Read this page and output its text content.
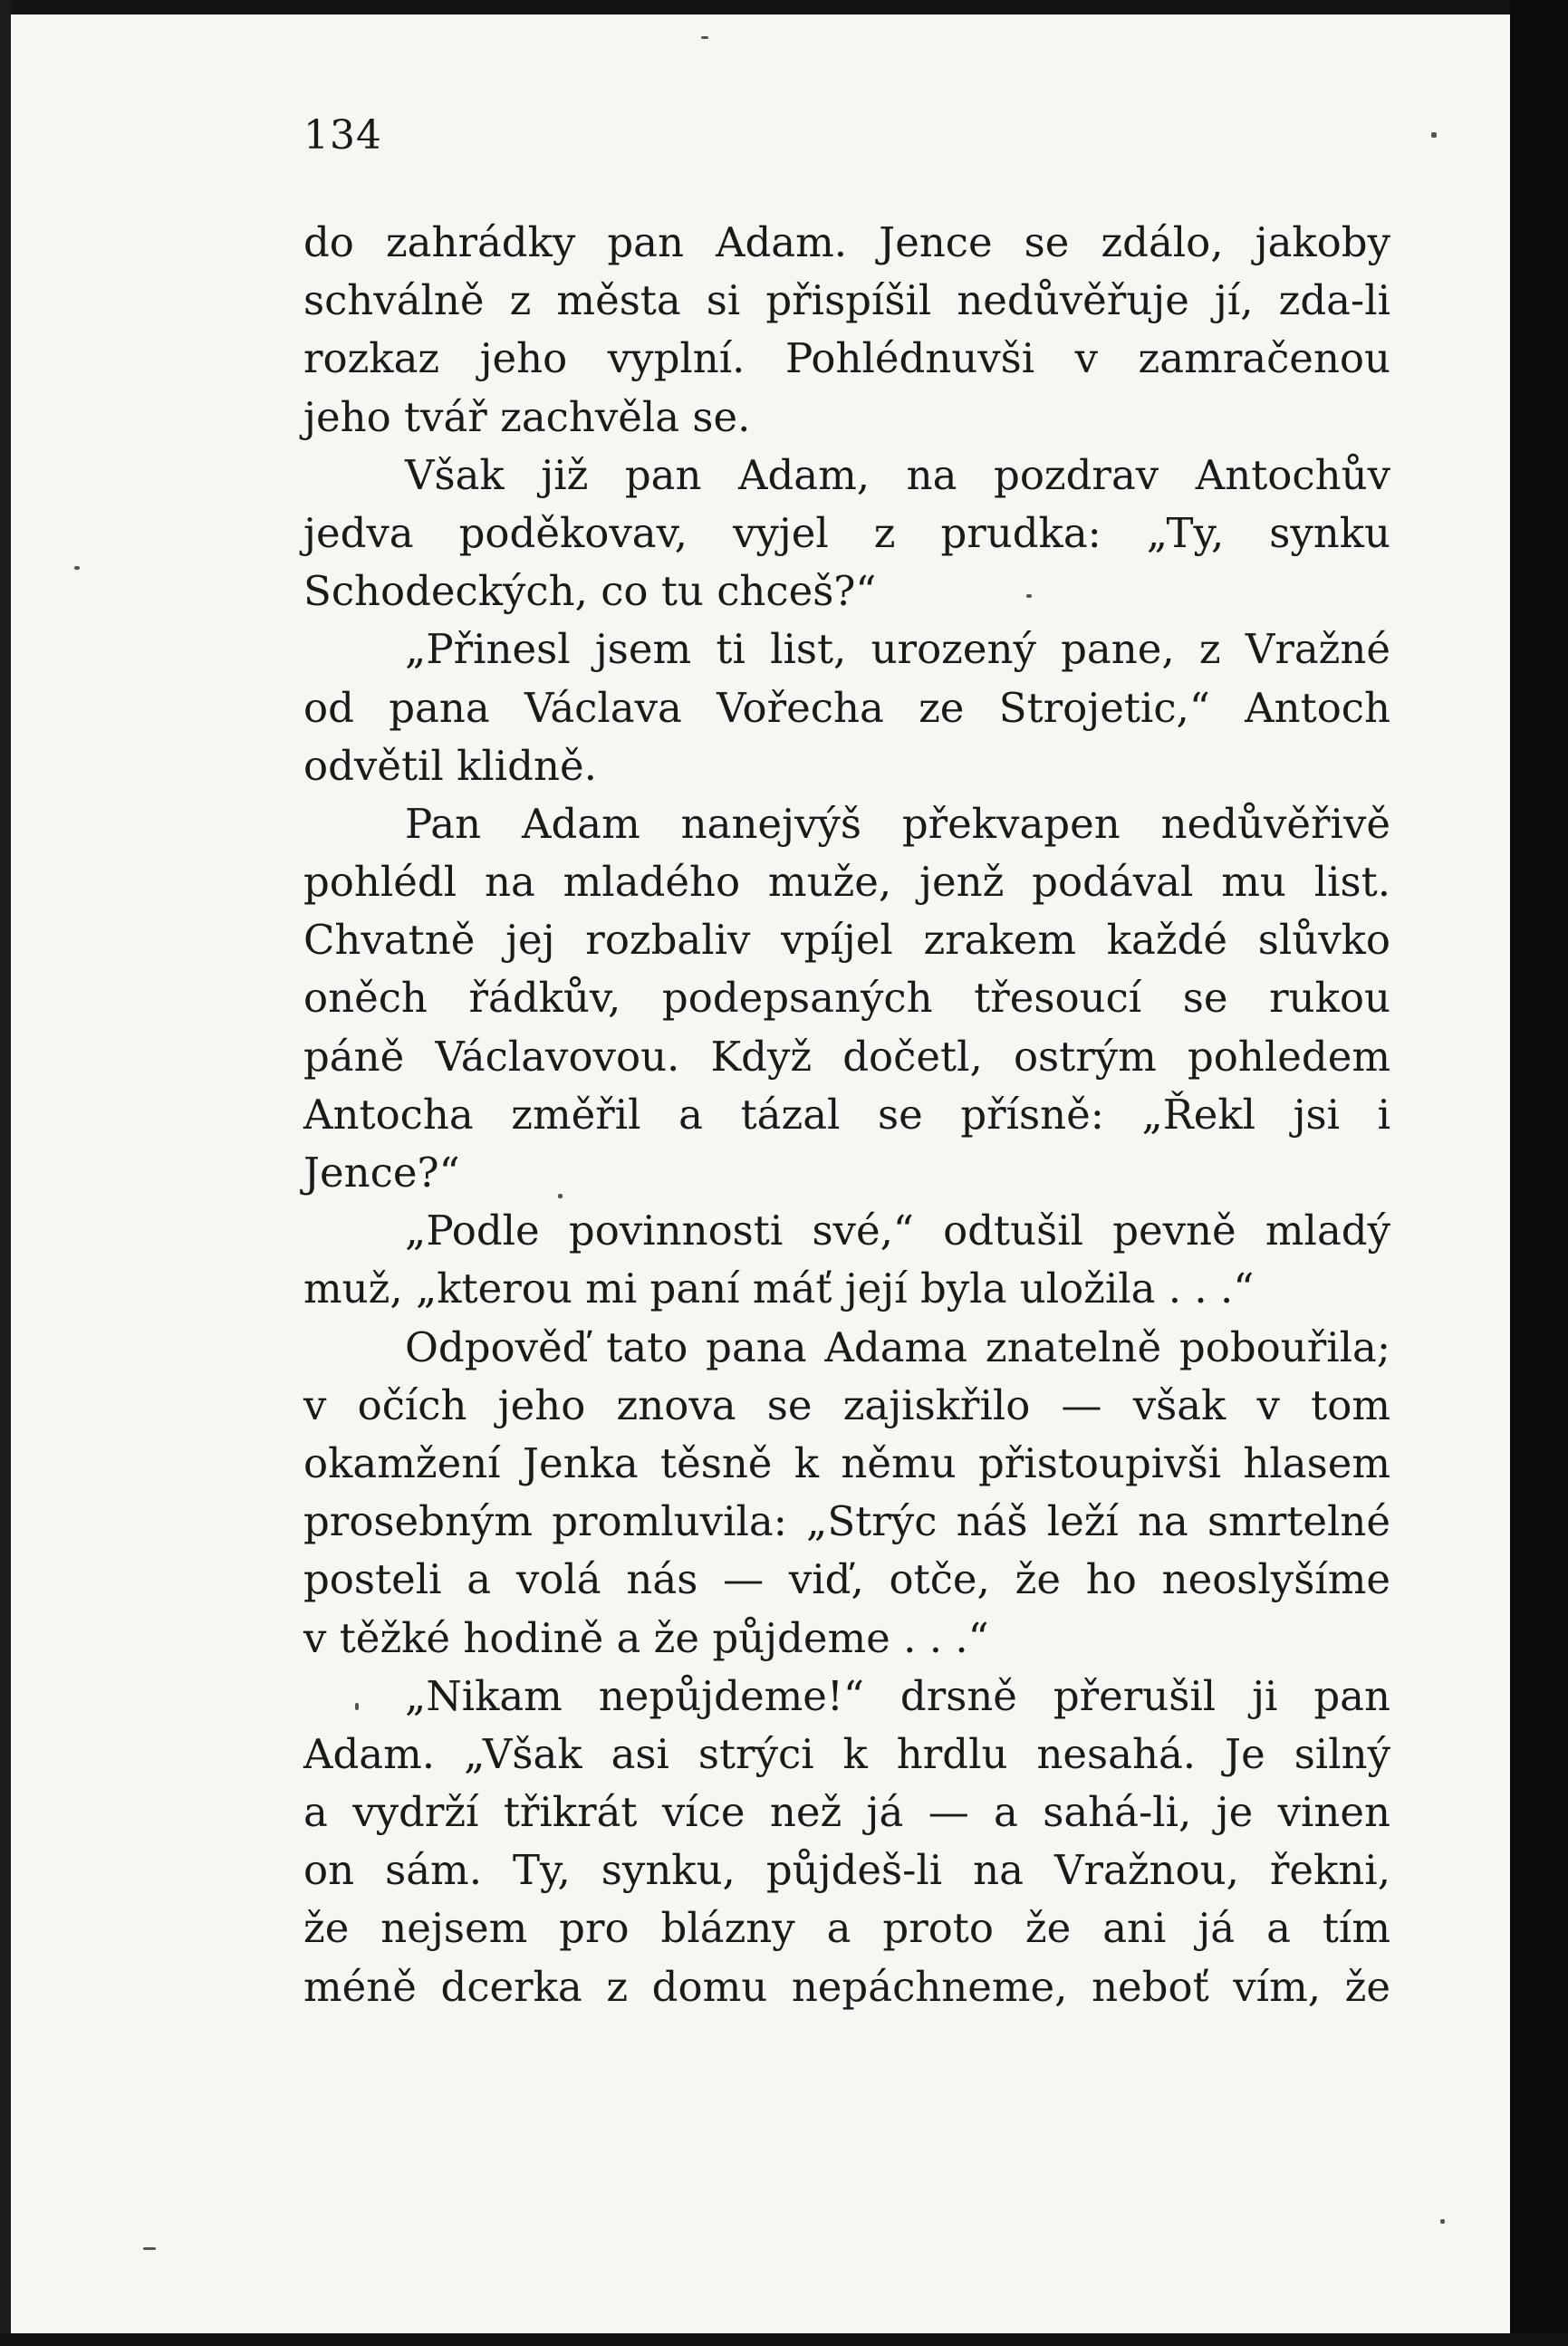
134
do zahrádky pan Adam. Jence se zdálo, jakoby
schválně z města si přispíšil nedůvěřuje jí, zda-li
rozkaz jeho vyplní. Pohlédnuvši v zamračenou
jeho tvář zachvěla se.
Však již pan Adam, na pozdrav Antochův
jedva poděkovav, vyjel z prudka: „Ty, synku
Schodeckých, co tu chceš?“
„Přinesl jsem ti list, urozený pane, z Vražné
od pana Václava Vořecha ze Strojetic,“ Antoch
odvětil klidně.
Pan Adam nanejvýš překvapen nedůvěřivě
pohlédl na mladého muže, jenž podával mu list.
Chvatně jej rozbaliv vpíjel zrakem každé slůvko
oněch řádkův, podepsaných třesoucí se rukou
páně Václavovou. Když dočetl, ostrým pohledem
Antocha změřil a tázal se přísně: „Řekl jsi i
Jence?“
„Podle povinnosti své,“ odtušil pevně mladý
muž, „kterou mi paní máť její byla uložila . . .“
Odpověď tato pana Adama znatelně pobouřila;
v očích jeho znova se zajiskřilo — však v tom
okamžení Jenka těsně k němu přistoupivši hlasem
prosebným promluvila: „Strýc náš leží na smrtelné
posteli a volá nás — viď, otče, že ho neoslyšíme
v těžké hodině a že půjdeme . . .“
„Nikam nepůjdeme!“ drsně přerušil ji pan
Adam. „Však asi strýci k hrdlu nesahá. Je silný
a vydrží třikrát více než já — a sahá-li, je vinen
on sám. Ty, synku, půjdeš-li na Vražnou, řekni,
že nejsem pro blázny a proto že ani já a tím
méně dcerka z domu nepáchneme, neboť vím, že
